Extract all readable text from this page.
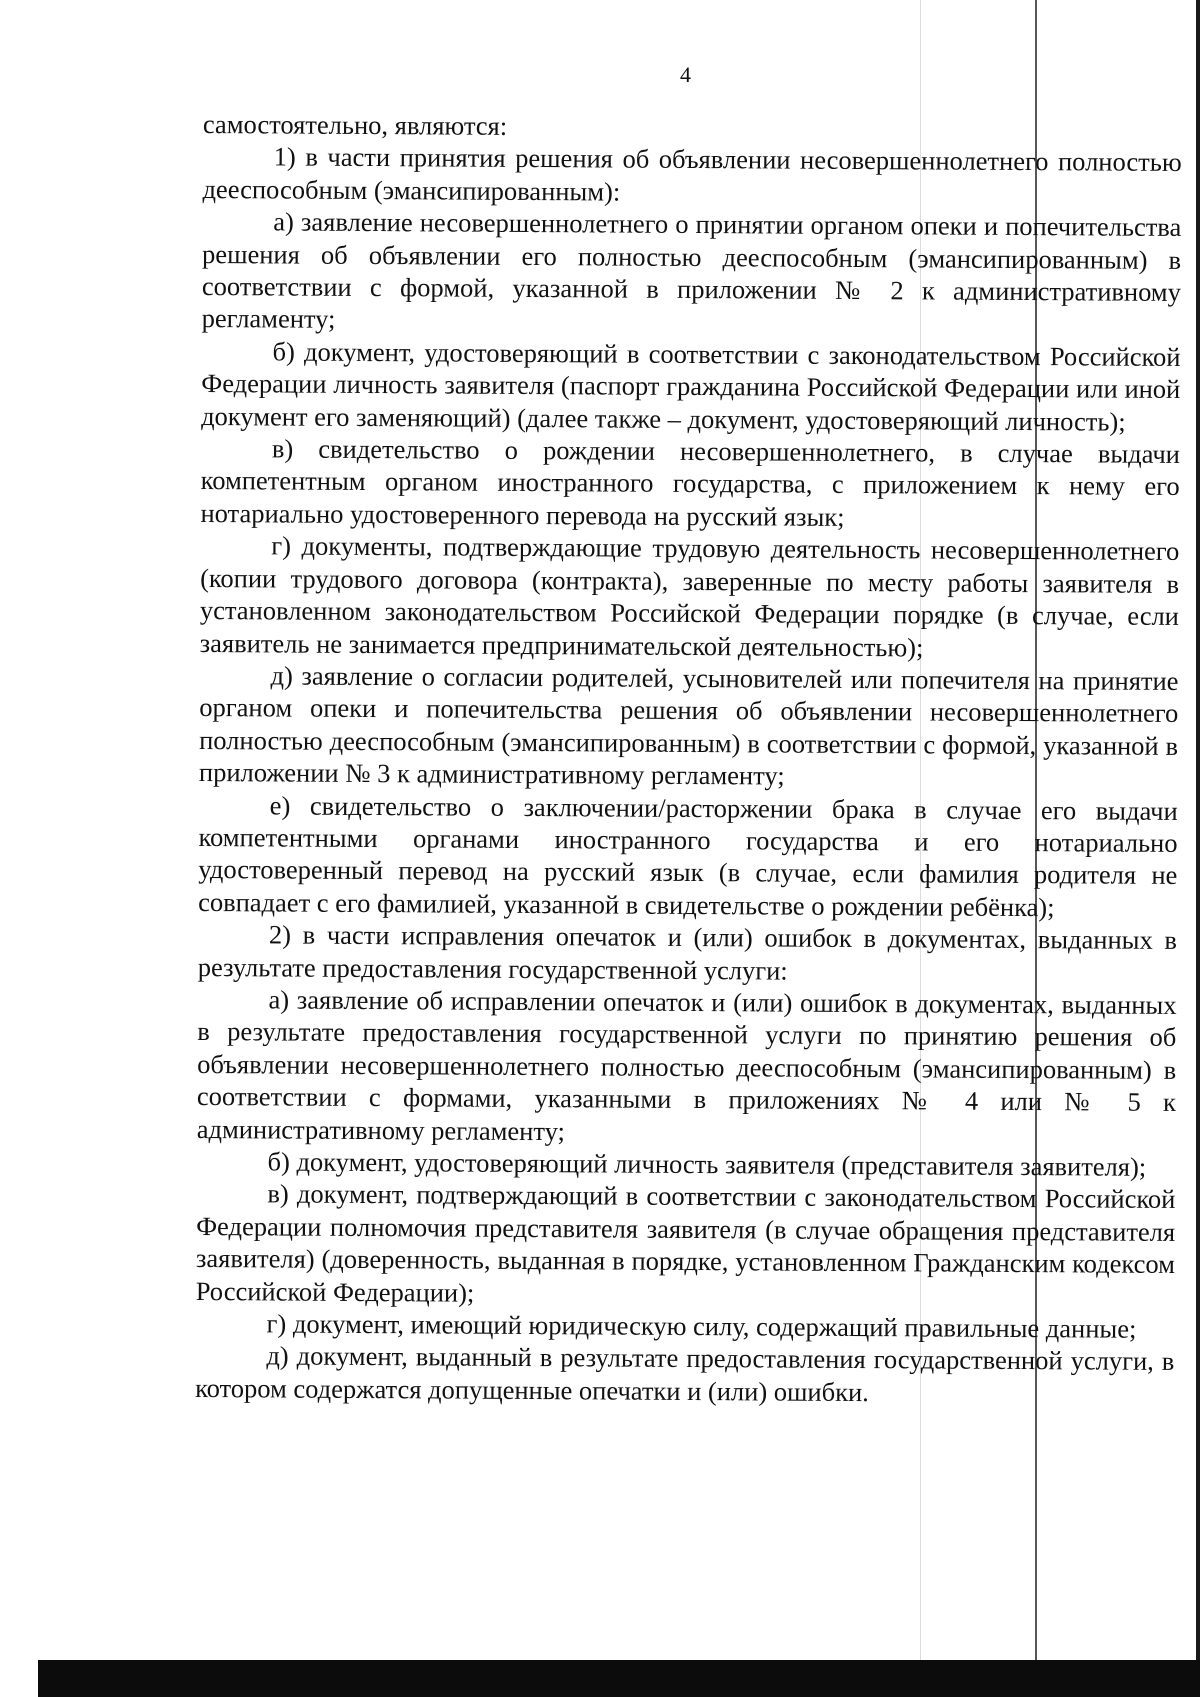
4

самостоятельно, являются:

1) в части принятия решения об объявлении несовершеннолетнего полностью дееспособным (эмансипированным):

а) заявление несовершеннолетнего о принятии органом опеки и попечительства решения об объявлении его полностью дееспособным (эмансипированным) в соответствии с формой, указанной в приложении № 2 к административному регламенту;

б) документ, удостоверяющий в соответствии с законодательством Российской Федерации личность заявителя (паспорт гражданина Российской Федерации или иной документ его заменяющий) (далее также – документ, удостоверяющий личность);

в) свидетельство о рождении несовершеннолетнего, в случае выдачи компетентным органом иностранного государства, с приложением к нему его нотариально удостоверенного перевода на русский язык;

г) документы, подтверждающие трудовую деятельность несовершеннолетнего (копии трудового договора (контракта), заверенные по месту работы заявителя в установленном законодательством Российской Федерации порядке (в случае, если заявитель не занимается предпринимательской деятельностью);

д) заявление о согласии родителей, усыновителей или попечителя на принятие органом опеки и попечительства решения об объявлении несовершеннолетнего полностью дееспособным (эмансипированным) в соответствии с формой, указанной в приложении № 3 к административному регламенту;

е) свидетельство о заключении/расторжении брака в случае его выдачи компетентными органами иностранного государства и его нотариально удостоверенный перевод на русский язык (в случае, если фамилия родителя не совпадает с его фамилией, указанной в свидетельстве о рождении ребёнка);

2) в части исправления опечаток и (или) ошибок в документах, выданных в результате предоставления государственной услуги:

а) заявление об исправлении опечаток и (или) ошибок в документах, выданных в результате предоставления государственной услуги по принятию решения об объявлении несовершеннолетнего полностью дееспособным (эмансипированным) в соответствии с формами, указанными в приложениях № 4 или № 5 к административному регламенту;

б) документ, удостоверяющий личность заявителя (представителя заявителя);

в) документ, подтверждающий в соответствии с законодательством Российской Федерации полномочия представителя заявителя (в случае обращения представителя заявителя) (доверенность, выданная в порядке, установленном Гражданским кодексом Российской Федерации);

г) документ, имеющий юридическую силу, содержащий правильные данные;

д) документ, выданный в результате предоставления государственной услуги, в котором содержатся допущенные опечатки и (или) ошибки.
